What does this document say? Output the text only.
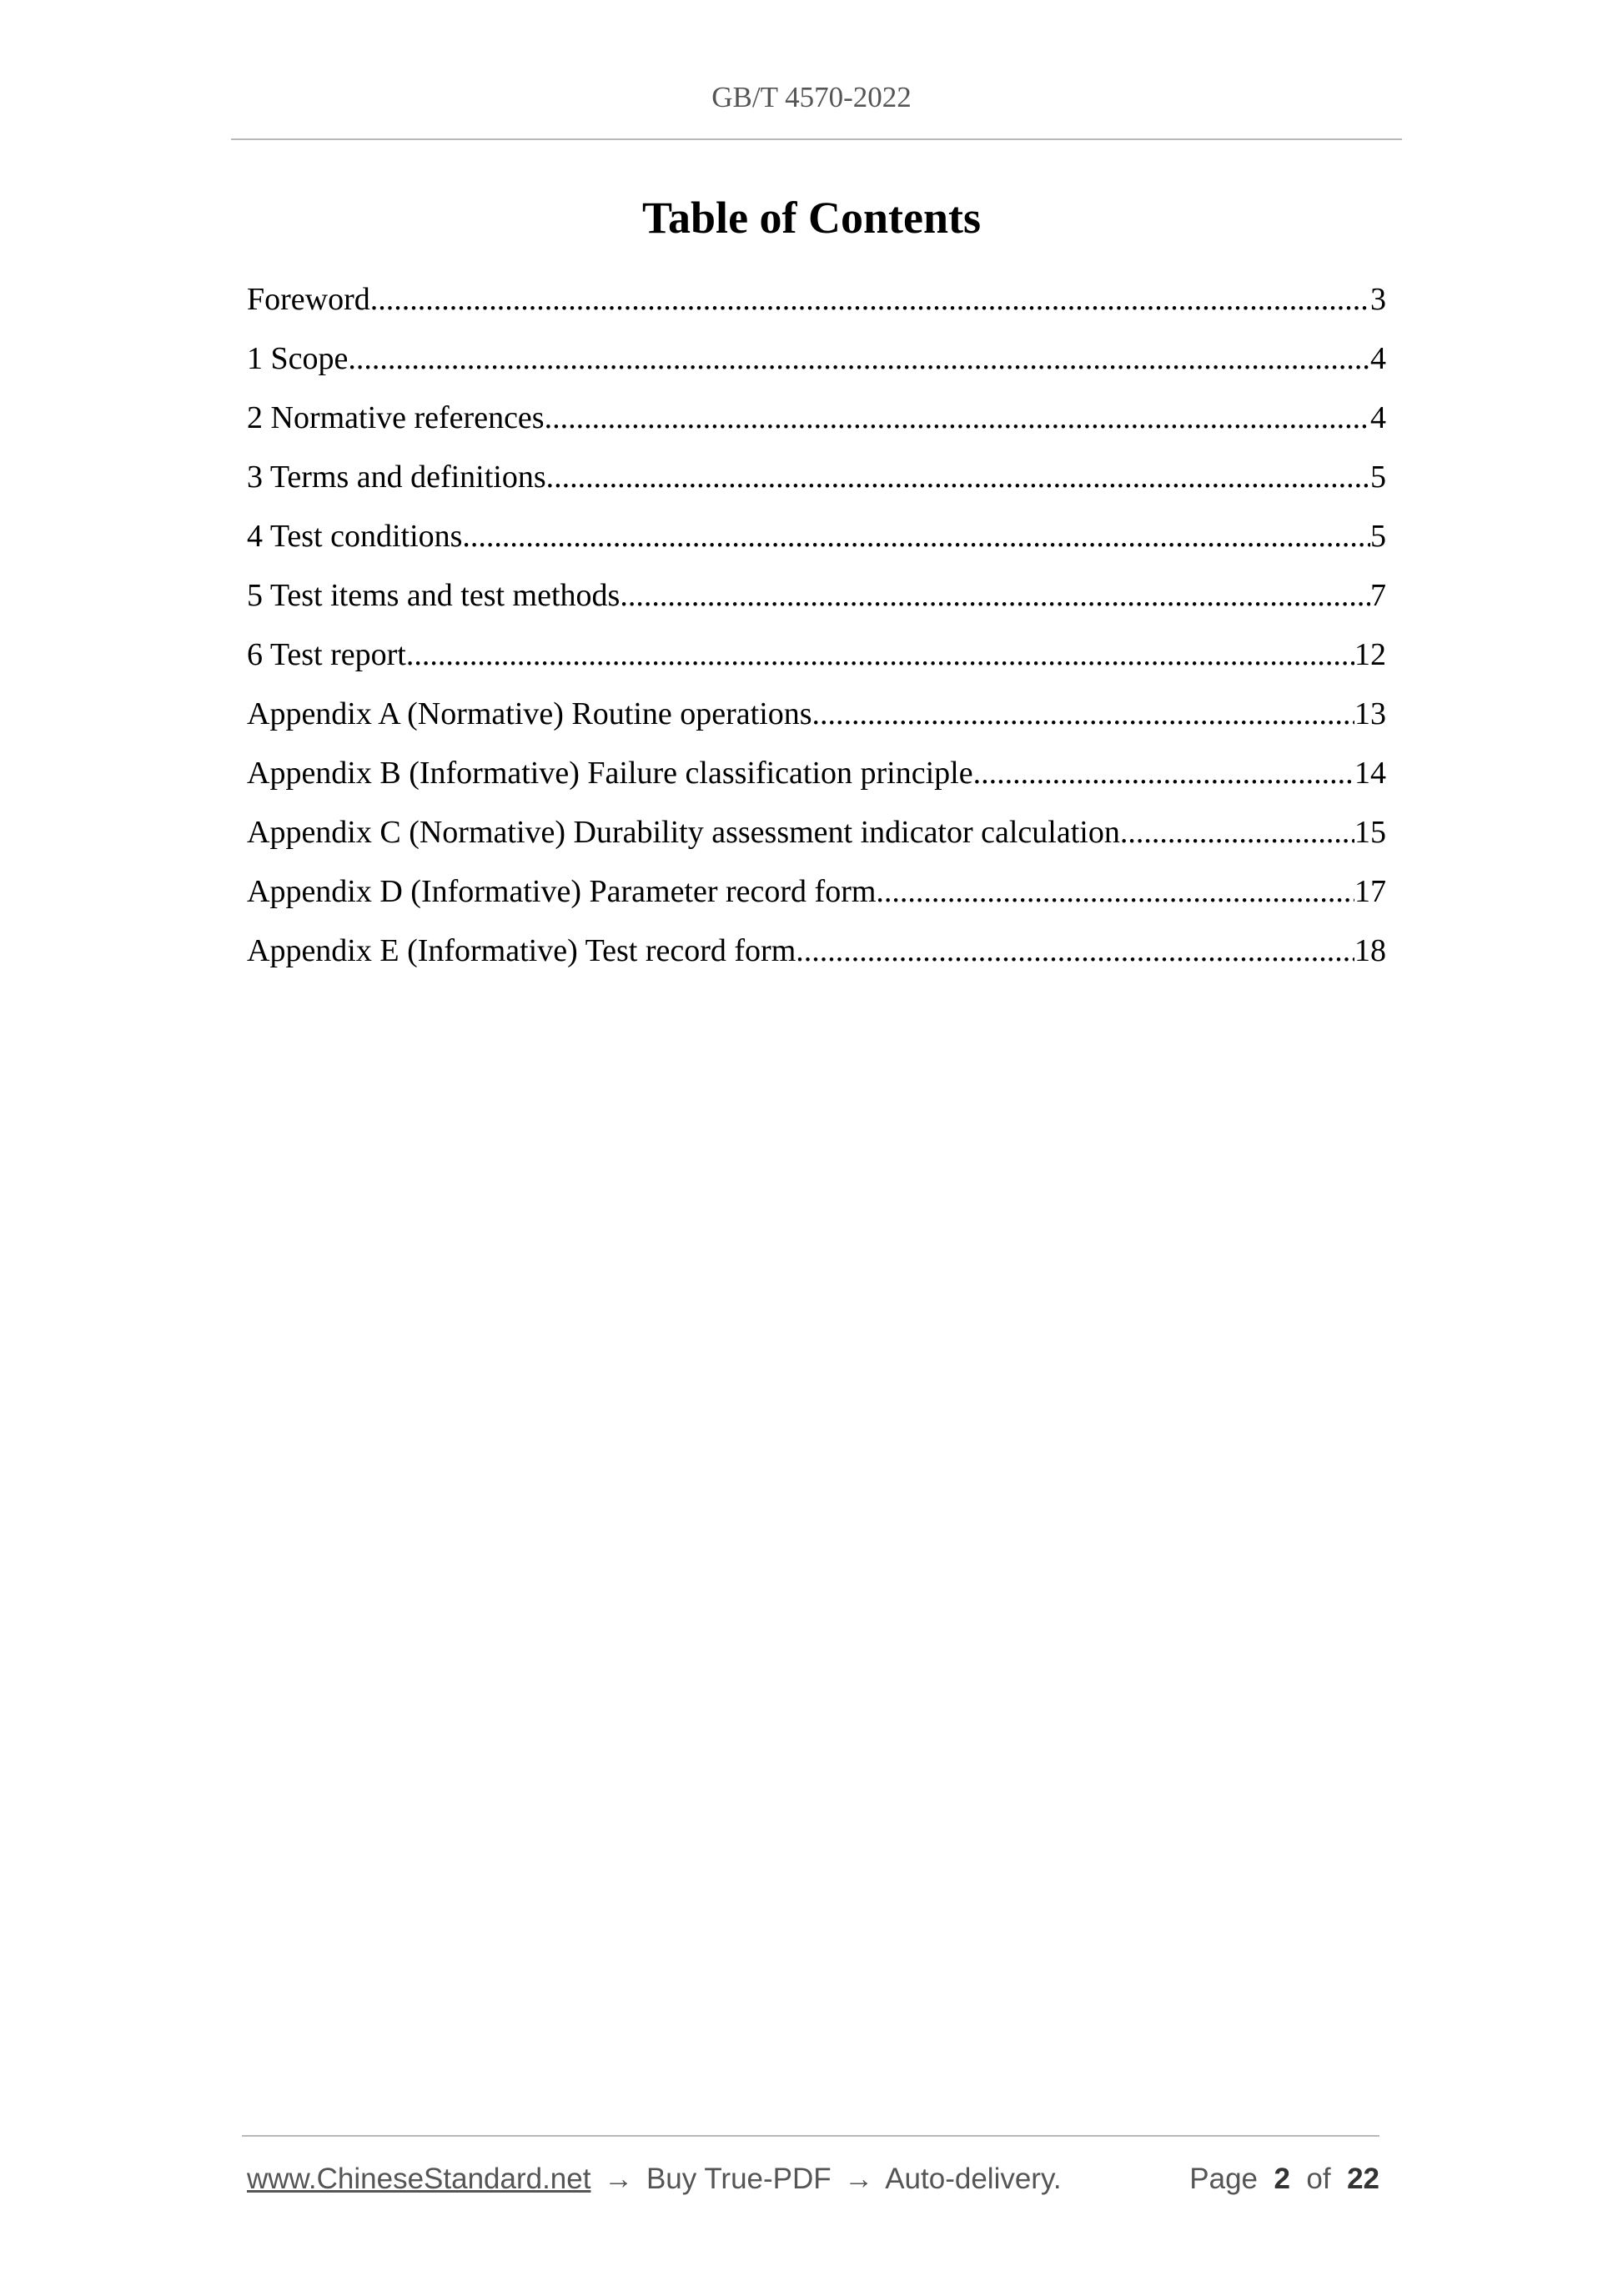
GB/T 4570-2022
Table of Contents
Foreword .....	3
1 Scope .....	4
2 Normative references .....	4
3 Terms and definitions .....	5
4 Test conditions .....	5
5 Test items and test methods .....	7
6 Test report .....	12
Appendix A (Normative) Routine operations .....	13
Appendix B (Informative) Failure classification principle .....	14
Appendix C (Normative) Durability assessment indicator calculation .....	15
Appendix D (Informative) Parameter record form .....	17
Appendix E (Informative) Test record form .....	18
www.ChineseStandard.net → Buy True-PDF → Auto-delivery.	Page 2 of 22
